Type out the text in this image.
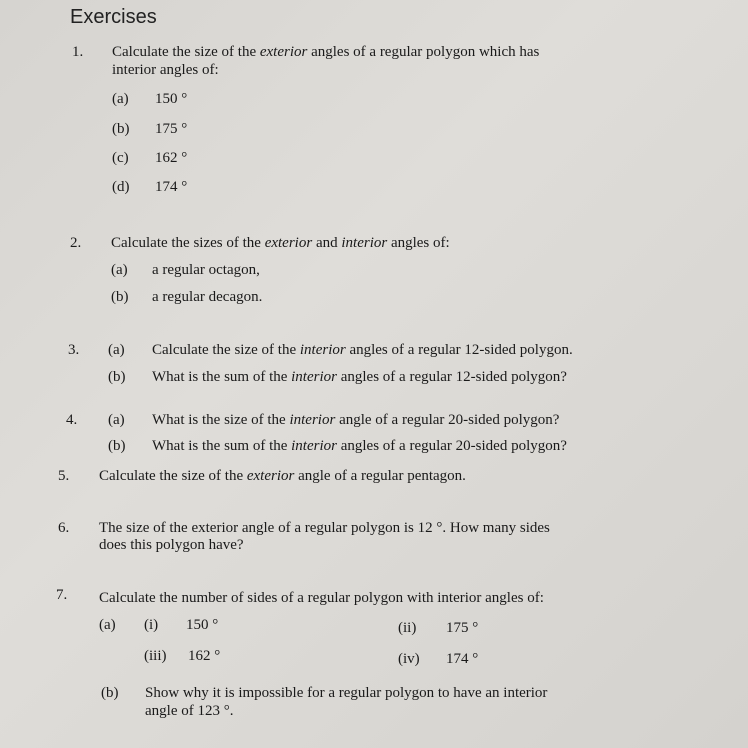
Exercises
1. Calculate the size of the exterior angles of a regular polygon which has
interior angles of:
(a) 150 °
(b) 175 °
(c) 162 °
(d) 174 °
2. Calculate the sizes of the exterior and interior angles of:
(a) a regular octagon,
(b) a regular decagon.
3. (a) Calculate the size of the interior angles of a regular 12-sided polygon.
(b) What is the sum of the interior angles of a regular 12-sided polygon?
4. (a) What is the size of the interior angle of a regular 20-sided polygon?
(b) What is the sum of the interior angles of a regular 20-sided polygon?
5. Calculate the size of the exterior angle of a regular pentagon.
6. The size of the exterior angle of a regular polygon is 12 °. How many sides
does this polygon have?
7. Calculate the number of sides of a regular polygon with interior angles of:
(a) (i) 150 °	(ii) 175 °
(iii) 162 °	(iv) 174 °
(b) Show why it is impossible for a regular polygon to have an interior
angle of 123 °.
